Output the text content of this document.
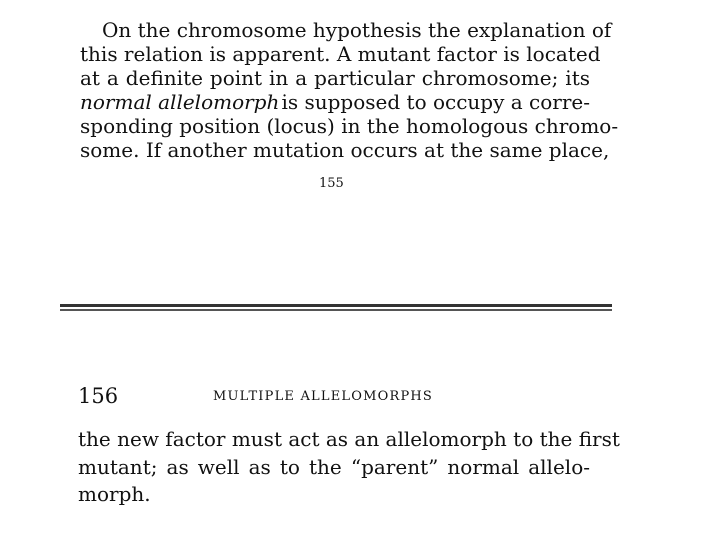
On the chromosome hypothesis the explanation of
this relation is apparent. A mutant factor is located
at a definite point in a particular chromosome; its
normal allelomorph is supposed to occupy a corre-
sponding position (locus) in the homologous chromo-
some. If another mutation occurs at the same place,
155
156	MULTIPLE ALLELOMORPHS
the new factor must act as an allelomorph to the first
mutant; as well as to the “parent” normal allelo-
morph.
